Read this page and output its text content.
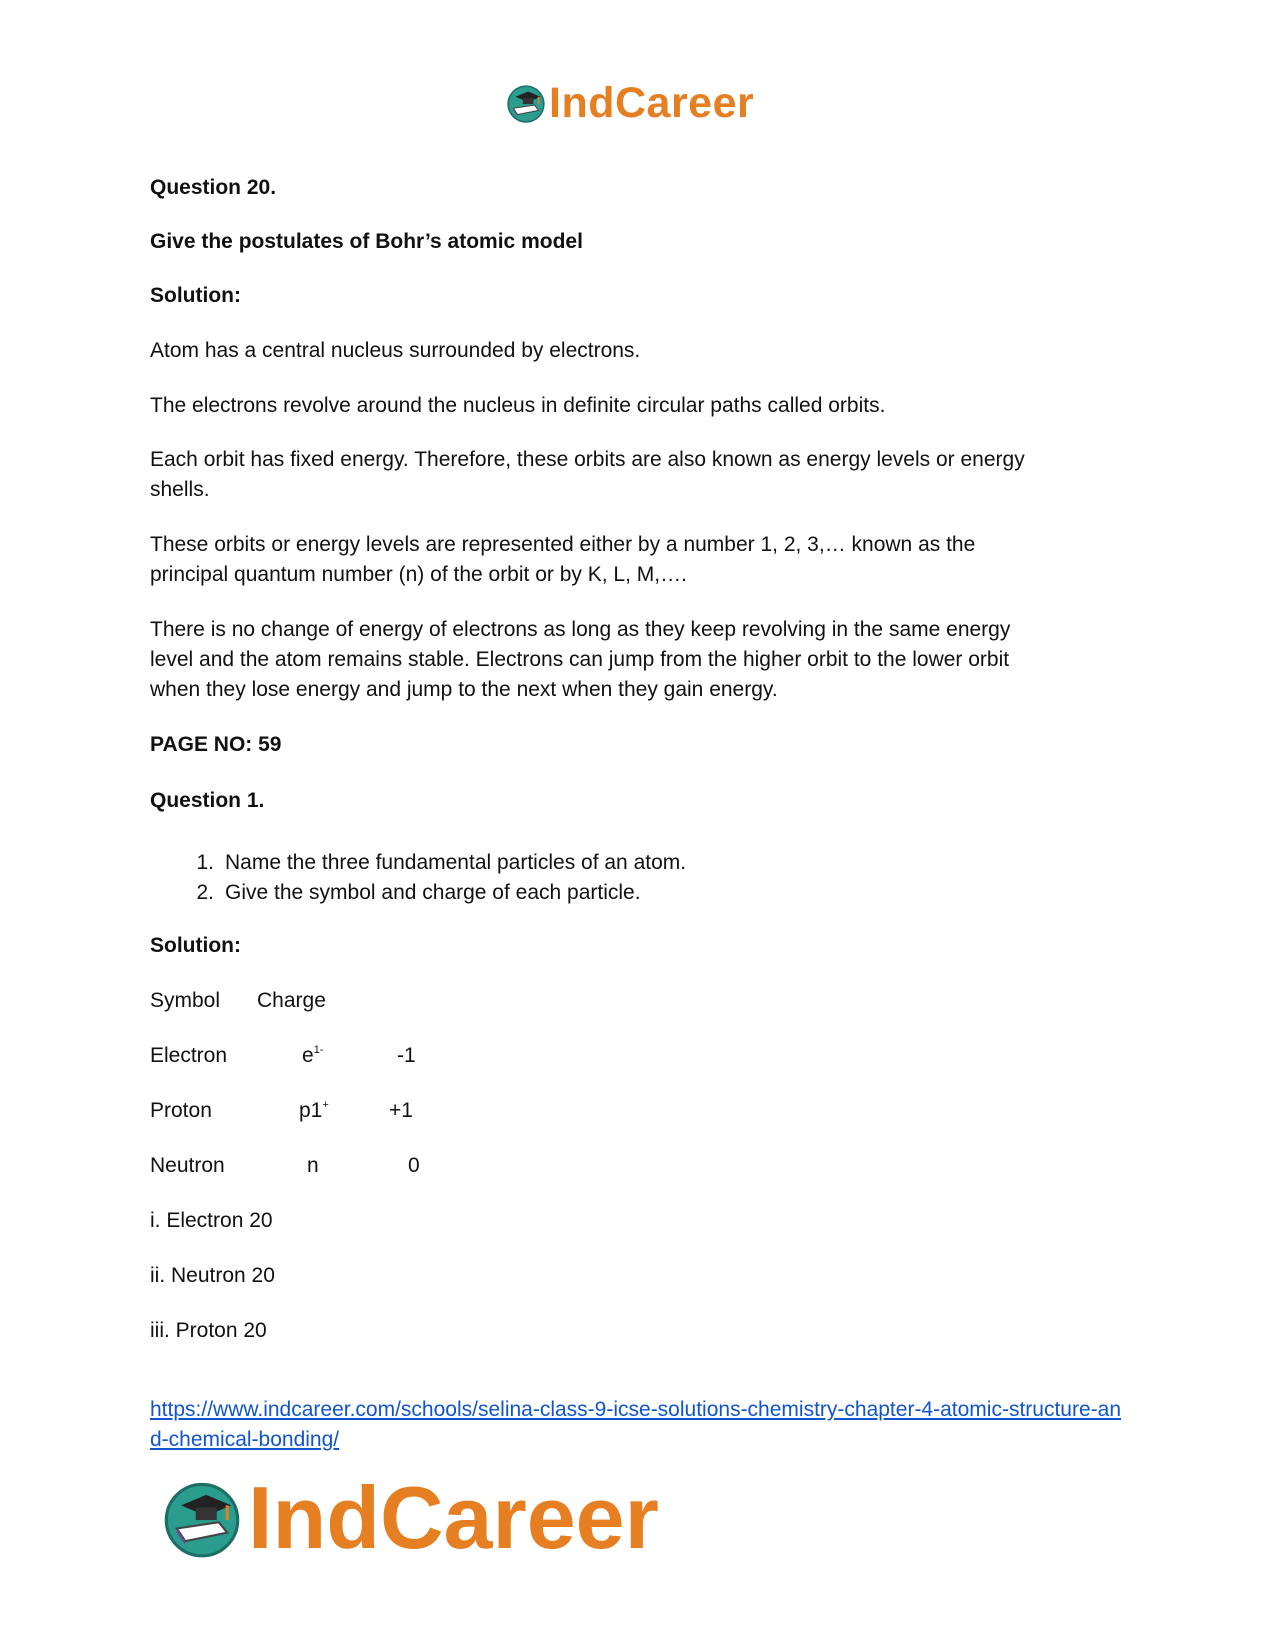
IndCareer
Question 20.
Give the postulates of Bohr’s atomic model
Solution:
Atom has a central nucleus surrounded by electrons.
The electrons revolve around the nucleus in definite circular paths called orbits.
Each orbit has fixed energy. Therefore, these orbits are also known as energy levels or energy
shells.
These orbits or energy levels are represented either by a number 1, 2, 3,… known as the
principal quantum number (n) of the orbit or by K, L, M,….
There is no change of energy of electrons as long as they keep revolving in the same energy
level and the atom remains stable. Electrons can jump from the higher orbit to the lower orbit
when they lose energy and jump to the next when they gain energy.
PAGE NO: 59
Question 1.
1. Name the three fundamental particles of an atom.
2. Give the symbol and charge of each particle.
Solution:
Symbol Charge
Electron	$e^{1-}$	-1
Proton	p1+	+1
Neutron	n	0
i. Electron 20
ii. Neutron 20
iii. Proton 20
https://www.indcareer.com/schools/selina-class-9-icse-solutions-chemistry-chapter-4-atomic-structure-and-chemical-bonding/
IndCareer
